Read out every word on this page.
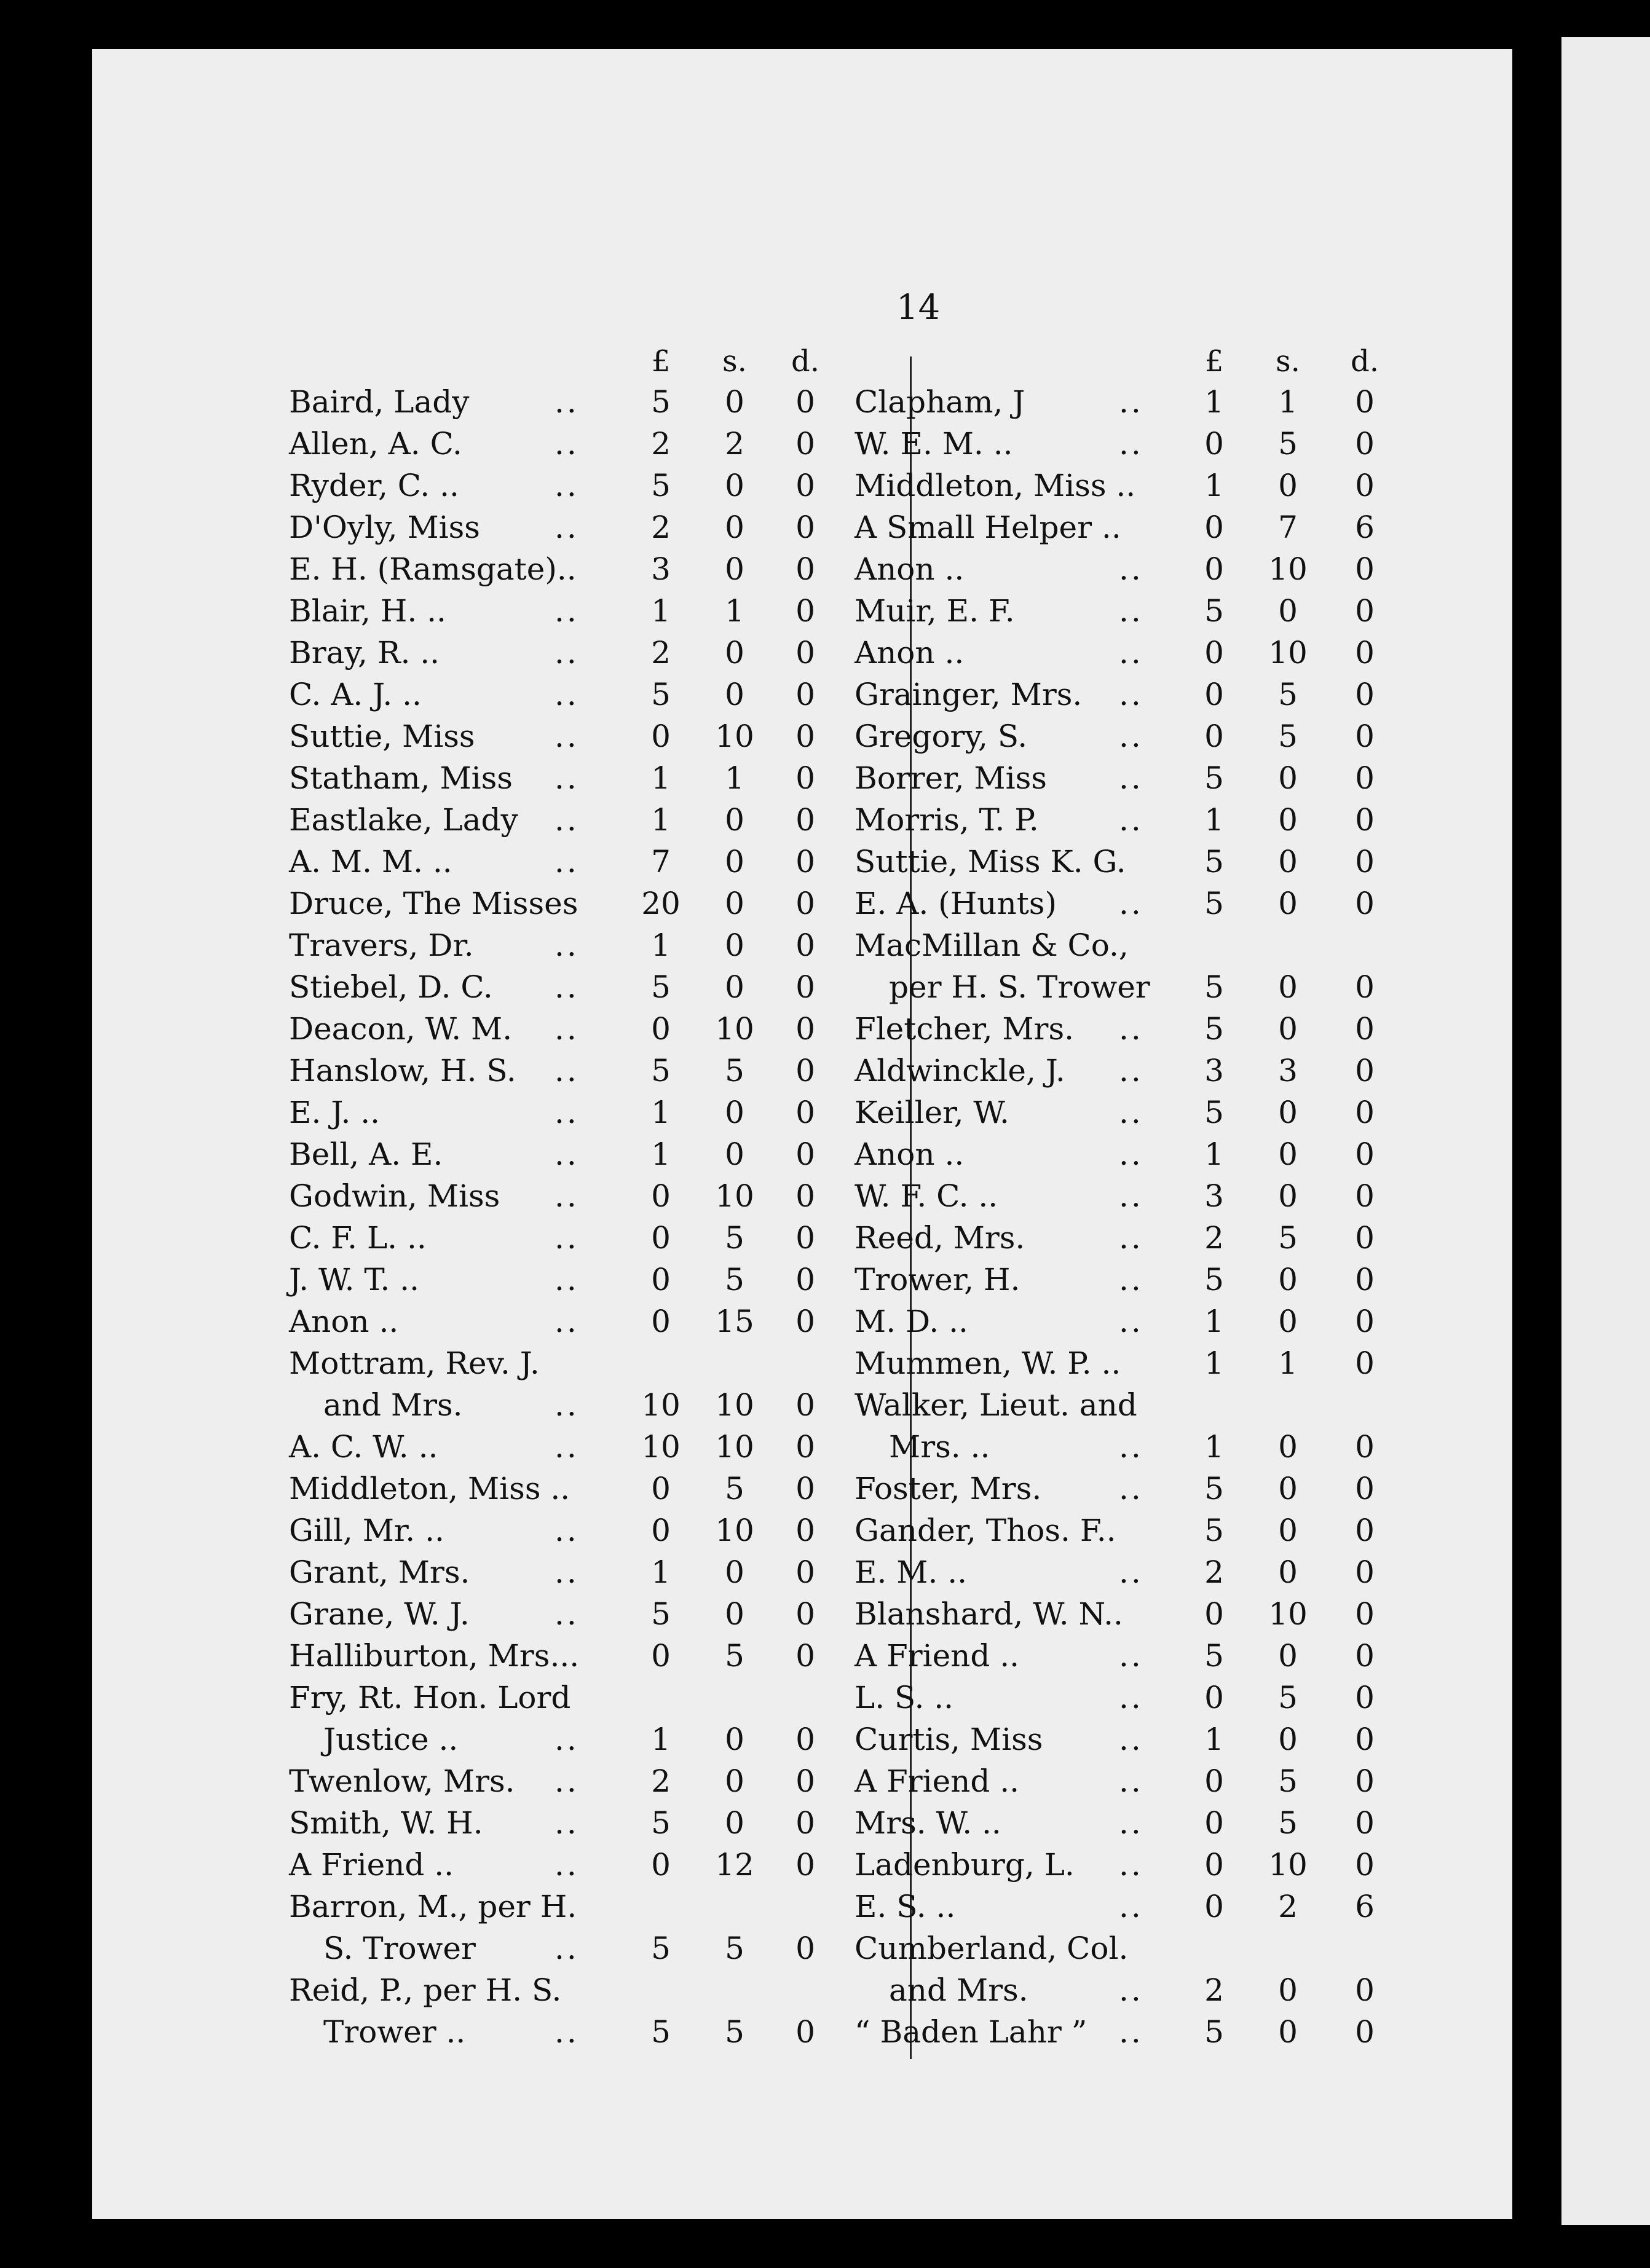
14
£	s.	d.
Baird, Lady	..	5	0	0
Allen, A. C.	..	2	2	0
Ryder, C. ..	..	5	0	0
D'Oyly, Miss ..	2	0	0
E. H. (Ramsgate)..	3	0	0
Blair, H. ..	..	1	1	0
Bray, R. ..	..	2	0	0
C. A. J. ..	..	5	0	0
Suttie, Miss	..	0	10 0
Statham, Miss ..	1	1	0
Eastlake, Lady ..	1	0	0
A. M. M. ..	..	7	0	0
Druce, The Misses 20	0	0
Travers, Dr.	..	1	0	0
Stiebel, D. C. ..	5	0	0
Deacon, W. M. ..	0	10 0
Hanslow, H. S. ..	5	5	0
E. J. ..	..	1	0	0
Bell, A. E.	..	1	0	0
Godwin, Miss ..	0	10 0
C. F. L. ..	..	0	5	0
J. W. T. ..	..	0	5	0
Anon ..	..	0	15 0
Mottram, Rev. J.
and Mrs.	.. 10 10 0
A. C. W. ..	.. 10 10 0
Middleton, Miss ..	0	5	0
Gill, Mr. ..	..	0	10 0
Grant, Mrs.	..	1	0	0
Grane, W. J.	..	5	0	0
Halliburton, Mrs...	0	5	0
Fry, Rt. Hon. Lord
Justice ..	..	1	0	0
Twenlow, Mrs. ..	2	0	0
Smith, W. H. ..	5	0	0
A Friend ..	..	0	12 0
Barron, M., per H.
S. Trower	..	5	5	0
Reid, P., per H. S.
Trower ..	..	5	5	0
£	s.	d.
Clapham, J	..	1	1	0
W. E. M. ..	..	0	5	0
Middleton, Miss ..	1	0	0
A Small Helper ..	0	7	6
Anon ..	..	0	10 0
Muir, E. F.	..	5	0	0
Anon ..	..	0	10 0
Grainger, Mrs. ..	0	5	0
Gregory, S.	..	0	5	0
Borrer, Miss ..	5	0	0
Morris, T. P.	..	1	0	0
Suttie, Miss K. G.	5	0	0
E. A. (Hunts) ..	5	0	0
MacMillan & Co.,
per H. S. Trower	5	0	0
Fletcher, Mrs. ..	5	0	0
Aldwinckle, J. ..	3	3	0
Keiller, W.	..	5	0	0
Anon ..	..	1	0	0
W. F. C. ..	..	3	0	0
Reed, Mrs.	..	2	5	0
Trower, H.	..	5	0	0
M. D. ..	..	1	0	0
Mummen, W. P. ..	1	1	0
Walker, Lieut. and
Mrs. ..	..	1	0	0
Foster, Mrs.	..	5	0	0
Gander, Thos. F..	5	0	0
E. M. ..	..	2	0	0
Blanshard, W. N..	0	10 0
A Friend ..	..	5	0	0
L. S. ..	..	0	5	0
Curtis, Miss ..	1	0	0
A Friend ..	..	0	5	0
Mrs. W. ..	..	0	5	0
Ladenburg, L. ..	0	10 0
E. S. ..	..	0	2	6
Cumberland, Col.
and Mrs.	..	2	0	0
“ Baden Lahr ” ..	5	0	0
